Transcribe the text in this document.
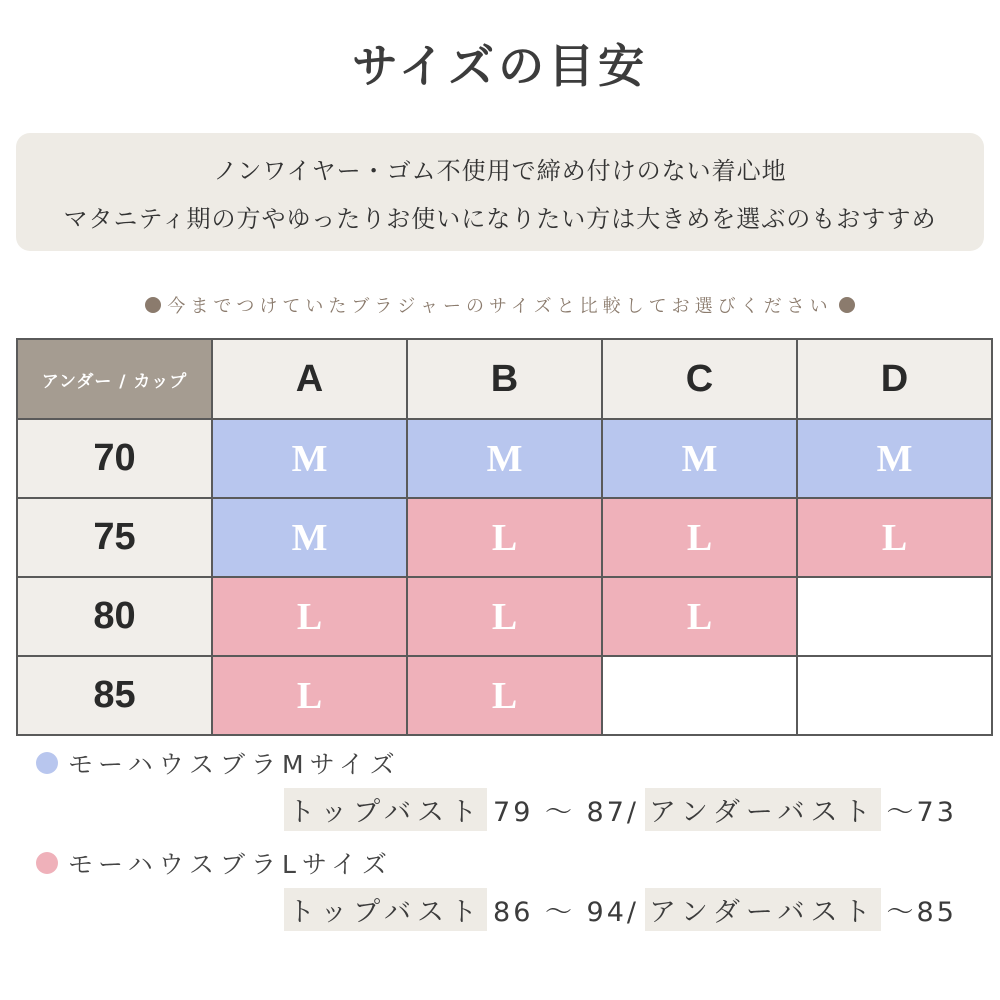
サイズの目安
ノンワイヤー・ゴム不使用で締め付けのない着心地
マタニティ期の方やゆったりお使いになりたい方は大きめを選ぶのもおすすめ
今までつけていたブラジャーのサイズと比較してお選びください
アンダー / カップ	A	B	C	D
70	M	M	M	M
75	M	L	L	L
80	L	L	L	
85	L	L		
モーハウスブラMサイズ
トップバスト 79 ～ 87/ アンダーバスト ～73
モーハウスブラLサイズ
トップバスト 86 ～ 94/ アンダーバスト ～85
